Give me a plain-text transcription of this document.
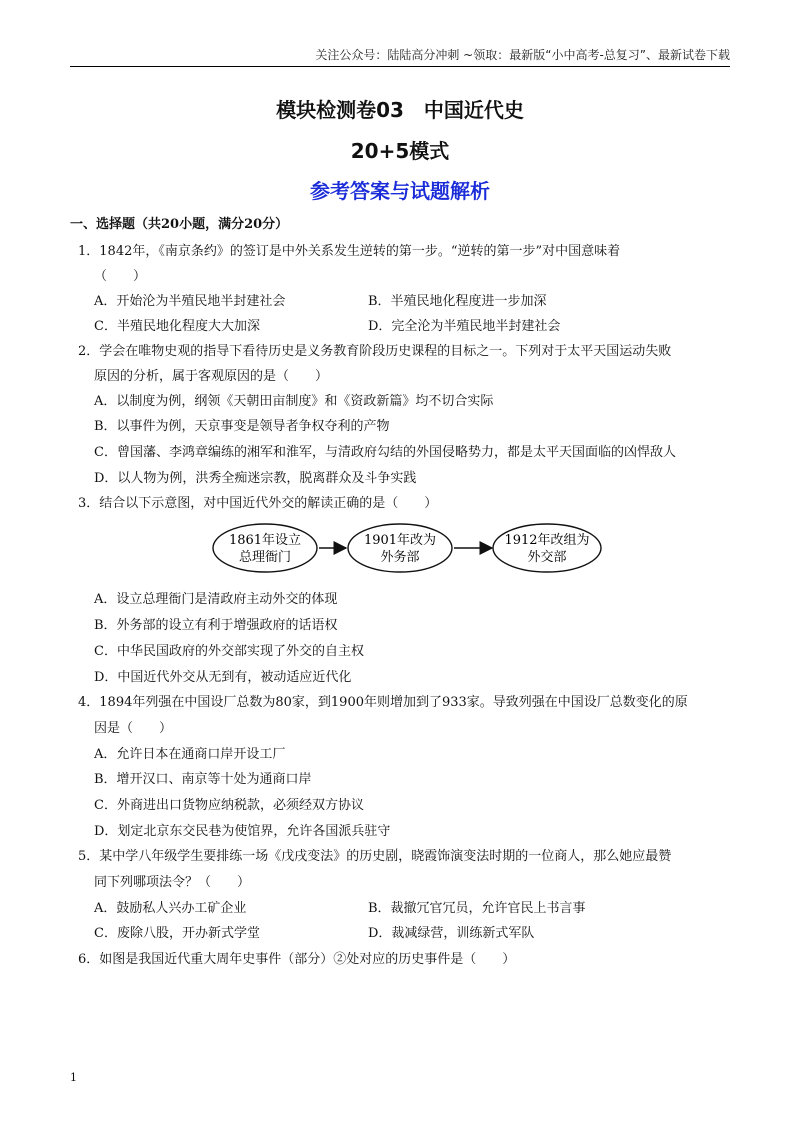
关注公众号：陆陆高分冲刺 ~领取：最新版“小中高考-总复习”、最新试卷下载
模块检测卷03　中国近代史
20+5模式
参考答案与试题解析
一、选择题（共20小题，满分20分）
1．1842年，《南京条约》的签订是中外关系发生逆转的第一步。“逆转的第一步”对中国意味着
（　　）
A．开始沦为半殖民地半封建社会	B．半殖民地化程度进一步加深
C．半殖民地化程度大大加深	D．完全沦为半殖民地半封建社会
2．学会在唯物史观的指导下看待历史是义务教育阶段历史课程的目标之一。下列对于太平天国运动失败
原因的分析，属于客观原因的是（　　）
A．以制度为例，纲领《天朝田亩制度》和《资政新篇》均不切合实际
B．以事件为例，天京事变是领导者争权夺利的产物
C．曾国藩、李鸿章编练的湘军和淮军，与清政府勾结的外国侵略势力，都是太平天国面临的凶悍敌人
D．以人物为例，洪秀全痴迷宗教，脱离群众及斗争实践
3．结合以下示意图，对中国近代外交的解读正确的是（　　）
1861年设立
总理衙门
1901年改为
外务部
1912年改组为
外交部
A．设立总理衙门是清政府主动外交的体现
B．外务部的设立有利于增强政府的话语权
C．中华民国政府的外交部实现了外交的自主权
D．中国近代外交从无到有，被动适应近代化
4．1894年列强在中国设厂总数为80家，到1900年则增加到了933家。导致列强在中国设厂总数变化的原
因是（　　）
A．允许日本在通商口岸开设工厂
B．增开汉口、南京等十处为通商口岸
C．外商进出口货物应纳税款，必须经双方协议
D．划定北京东交民巷为使馆界，允许各国派兵驻守
5．某中学八年级学生要排练一场《戊戌变法》的历史剧，晓霞饰演变法时期的一位商人，那么她应最赞
同下列哪项法令？（　　）
A．鼓励私人兴办工矿企业	B．裁撤冗官冗员，允许官民上书言事
C．废除八股，开办新式学堂	D．裁减绿营，训练新式军队
6．如图是我国近代重大周年史事件（部分）②处对应的历史事件是（　　）
1
